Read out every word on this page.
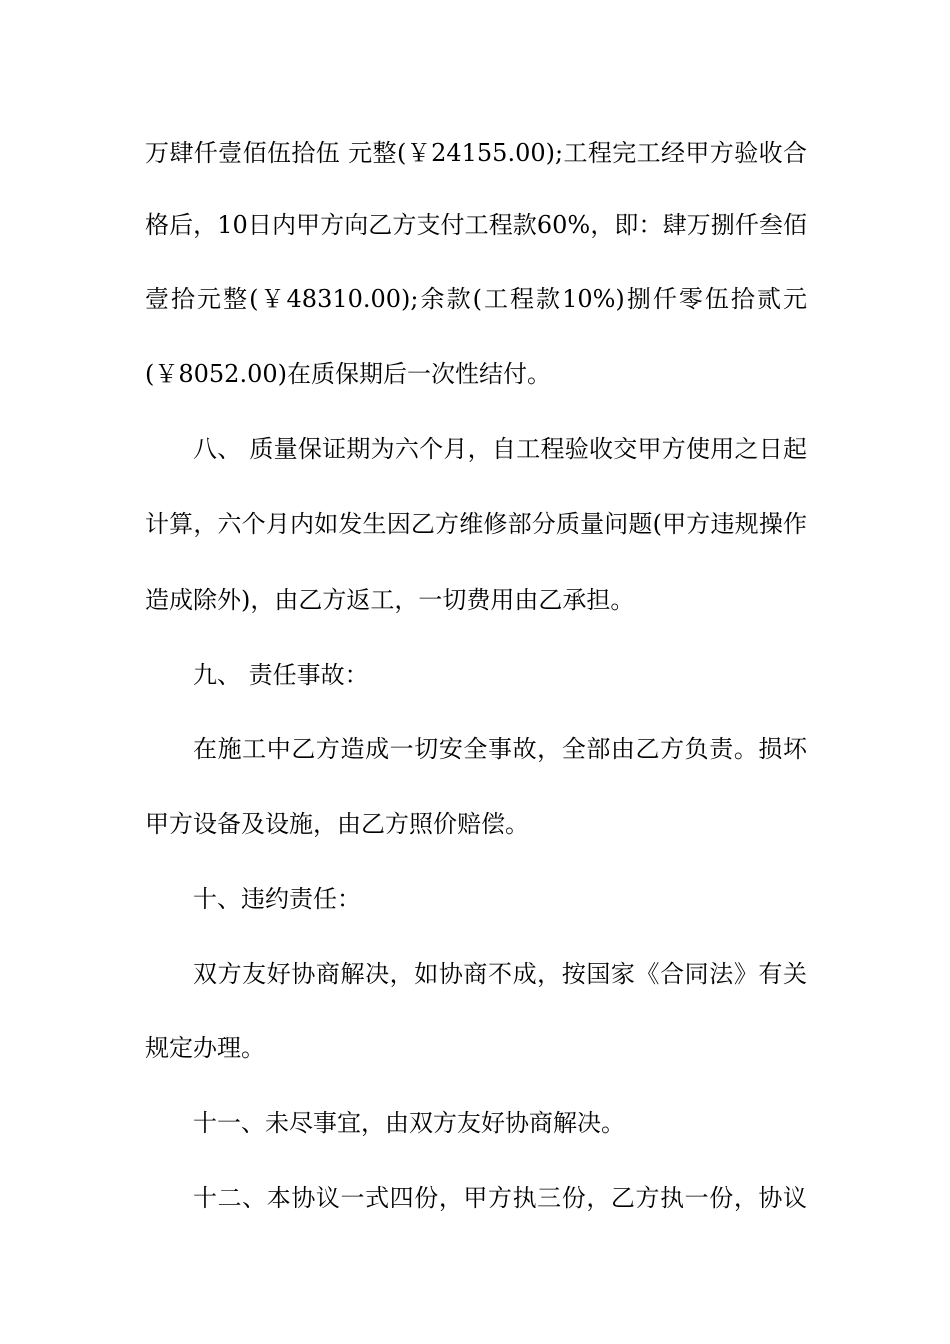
万肆仟壹佰伍拾伍 元整(￥24155.00);工程完工经甲方验收合
格后，10日内甲方向乙方支付工程款60%，即：肆万捌仟叁佰
壹拾元整(￥48310.00);余款(工程款10%)捌仟零伍拾贰元
(￥8052.00)在质保期后一次性结付。
八、 质量保证期为六个月，自工程验收交甲方使用之日起
计算，六个月内如发生因乙方维修部分质量问题(甲方违规操作
造成除外)，由乙方返工，一切费用由乙承担。
九、 责任事故：
在施工中乙方造成一切安全事故，全部由乙方负责。损坏
甲方设备及设施，由乙方照价赔偿。
十、违约责任：
双方友好协商解决，如协商不成，按国家《合同法》有关
规定办理。
十一、未尽事宜，由双方友好协商解决。
十二、本协议一式四份，甲方执三份，乙方执一份，协议
